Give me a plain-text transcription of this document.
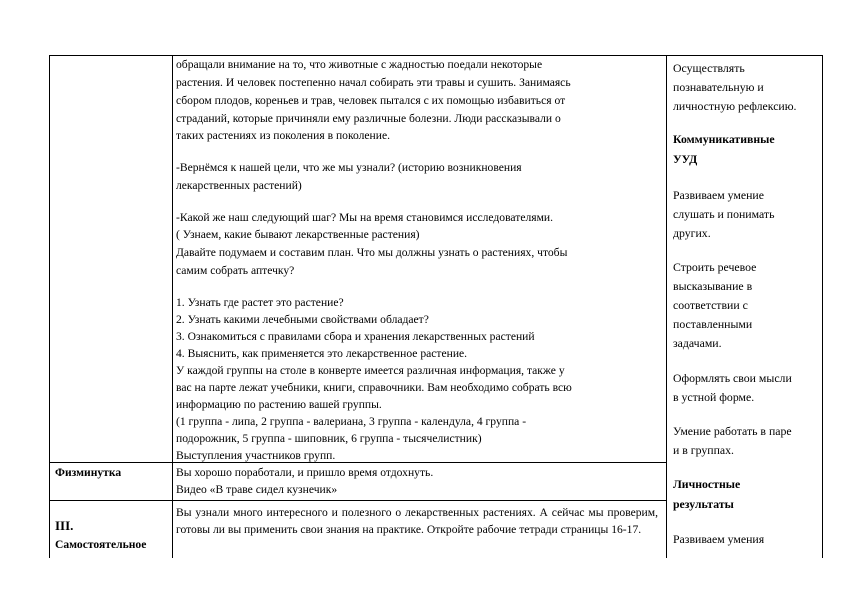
обращали внимание на то, что животные с жадностью поедали некоторые

растения. И человек постепенно начал собирать эти травы и сушить. Занимаясь

сбором плодов, кореньев и трав, человек пытался с их помощью избавиться от

страданий, которые причиняли ему различные болезни. Люди рассказывали о

таких растениях из поколения в поколение.

-Вернёмся к нашей цели, что же мы узнали? (историю возникновения

лекарственных растений)

-Какой же наш следующий шаг? Мы на время становимся исследователями.

( Узнаем, какие бывают лекарственные растения)

Давайте подумаем и составим план. Что мы должны узнать о растениях, чтобы

самим собрать аптечку?

1. Узнать где растет это растение?

2. Узнать какими лечебными свойствами обладает?

3. Ознакомиться с правилами сбора и хранения лекарственных растений

4. Выяснить, как применяется это лекарственное растение.

У каждой группы на столе в конверте имеется различная информация, также у

вас на парте лежат учебники, книги, справочники. Вам необходимо собрать всю

информацию по растению вашей группы.

(1 группа - липа, 2 группа - валериана, 3 группа - календула, 4 группа -

подорожник, 5 группа - шиповник, 6 группа - тысячелистник)

Выступления участников групп.

Вы хорошо поработали, и пришло время отдохнуть.

Видео «В траве сидел кузнечик»

Вы узнали много интересного и полезного о лекарственных растениях. А сейчас мы проверим, готовы ли вы применить свои знания на практике. Откройте рабочие тетради страницы 16-17.

Физминутка

III.

Самостоятельное

Осуществлять

познавательную и

личностную рефлексию.

Коммуникативные

УУД

Развиваем умение

слушать и понимать

других.

Строить речевое

высказывание в

соответствии с

поставленными

задачами.

Оформлять свои мысли

в устной форме.

Умение работать в паре

и в группах.

Личностные

результаты

Развиваем умения
